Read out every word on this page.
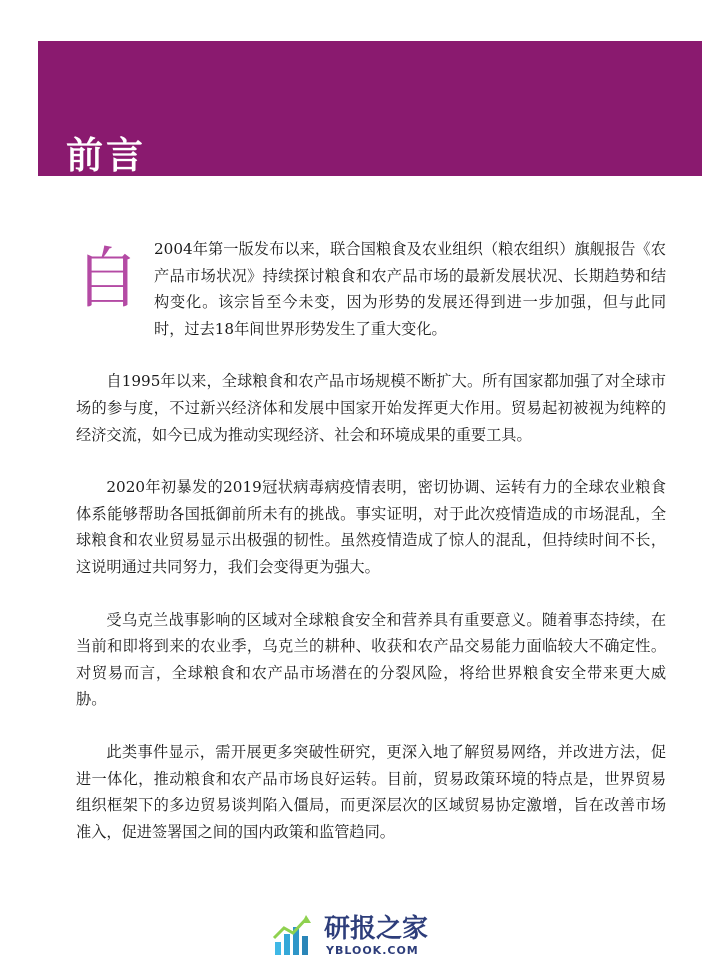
前言

自 2004年第一版发布以来，联合国粮食及农业组织（粮农组织）旗舰报告《农产品市场状况》持续探讨粮食和农产品市场的最新发展状况、长期趋势和结构变化。该宗旨至今未变，因为形势的发展还得到进一步加强，但与此同时，过去18年间世界形势发生了重大变化。

自1995年以来，全球粮食和农产品市场规模不断扩大。所有国家都加强了对全球市场的参与度，不过新兴经济体和发展中国家开始发挥更大作用。贸易起初被视为纯粹的经济交流，如今已成为推动实现经济、社会和环境成果的重要工具。

2020年初暴发的2019冠状病毒病疫情表明，密切协调、运转有力的全球农业粮食体系能够帮助各国抵御前所未有的挑战。事实证明，对于此次疫情造成的市场混乱，全球粮食和农业贸易显示出极强的韧性。虽然疫情造成了惊人的混乱，但持续时间不长，这说明通过共同努力，我们会变得更为强大。

受乌克兰战事影响的区域对全球粮食安全和营养具有重要意义。随着事态持续，在当前和即将到来的农业季，乌克兰的耕种、收获和农产品交易能力面临较大不确定性。对贸易而言，全球粮食和农产品市场潜在的分裂风险，将给世界粮食安全带来更大威胁。

此类事件显示，需开展更多突破性研究，更深入地了解贸易网络，并改进方法，促进一体化，推动粮食和农产品市场良好运转。目前，贸易政策环境的特点是，世界贸易组织框架下的多边贸易谈判陷入僵局，而更深层次的区域贸易协定激增，旨在改善市场准入，促进签署国之间的国内政策和监管趋同。

研报之家
YBLOOK.COM
